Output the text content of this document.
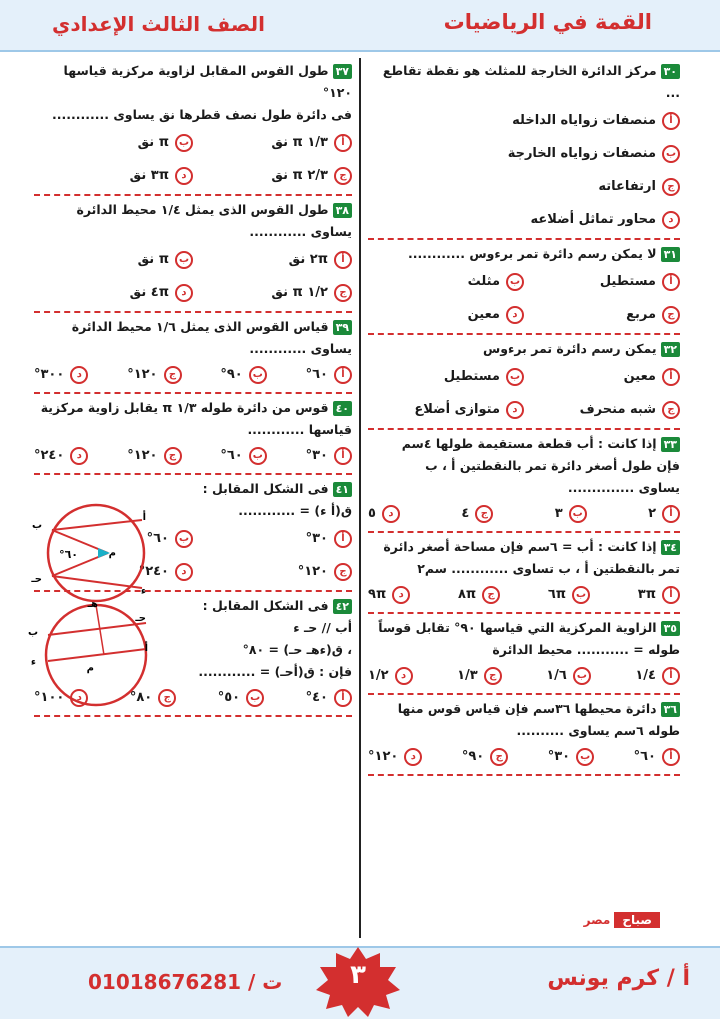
الصف الثالث الإعدادي	القمة في الرياضيات
٣٠مركز الدائرة الخارجة للمثلث هو نقطة تقاطع ...
أ
منصفات زواياه الداخله
ب
منصفات زواياه الخارجة
ج
ارتفاعاته
د
محاور تماثل أضلاعه
٣١لا يمكن رسم دائرة تمر برءوس ............
أ
مستطيل
ب
مثلث
ج
مربع
د
معين
٣٢يمكن رسم دائرة تمر برءوس
أ
معين
ب
مستطيل
ج
شبه منحرف
د
متوازى أضلاع
٣٣إذا كانت : أب قطعة مستقيمة طولها ٤سم
فإن طول أصغر دائرة تمر بالنقطتين أ ، ب
يساوى ..............
أ
٢
ب
٣
ج
٤
د
٥
٣٤إذا كانت : أب = ٦سم فإن مساحة أصغر دائرة
تمر بالنقطتين أ ، ب تساوى ............ سم٢
أ
٣π
ب
٦π
ج
٨π
د
٩π
٣٥الزاوية المركزية التي قياسها ٩٠° تقابل قوساً
طوله = ........... محيط الدائرة
أ
١/٤
ب
١/٦
ج
١/٣
د
١/٢
٣٦دائرة محيطها ٣٦سم فإن قياس قوس منها
طوله ٦سم يساوى ..........
أ
٦٠°
ب
٣٠°
ج
٩٠°
د
١٢٠°
٣٧طول القوس المقابل لزاوية مركزية قياسها ١٢٠°
فى دائرة طول نصف قطرها نق يساوى ............
أ
١/٣ π نق
ب
π نق
ج
٢/٣ π نق
د
٣π نق
٣٨طول القوس الذى يمثل ١/٤ محيط الدائرة
يساوى ............
أ
٢π نق
ب
π نق
ج
١/٢ π نق
د
٤π نق
٣٩قياس القوس الذى يمثل ١/٦ محيط الدائرة
يساوى ............
أ
٦٠°
ب
٩٠°
ج
١٢٠°
د
٣٠٠°
٤٠قوس من دائرة طوله ١/٣ π يقابل زاوية مركزية
قياسها ............
أ
٣٠°
ب
٦٠°
ج
١٢٠°
د
٢٤٠°
٤١فى الشكل المقابل :
ق(أ ء) = ............
أ
٣٠°
ب
٦٠°
ج
١٢٠°
د
٢٤٠°
٦٠°	م
ب
أ
حـ
ء
٤٢فى الشكل المقابل :
أب // حـ ء
، ق(ءهـ حـ) = ٨٠°
فإن : ق(أحـ) = ............
أ
٤٠°
ب
٥٠°
ج
٨٠°
د
١٠٠°
هـ
حـ
ب
أ
ء
م
صباحمصر
أ / كرم يونس
ت / 01018676281	٣
